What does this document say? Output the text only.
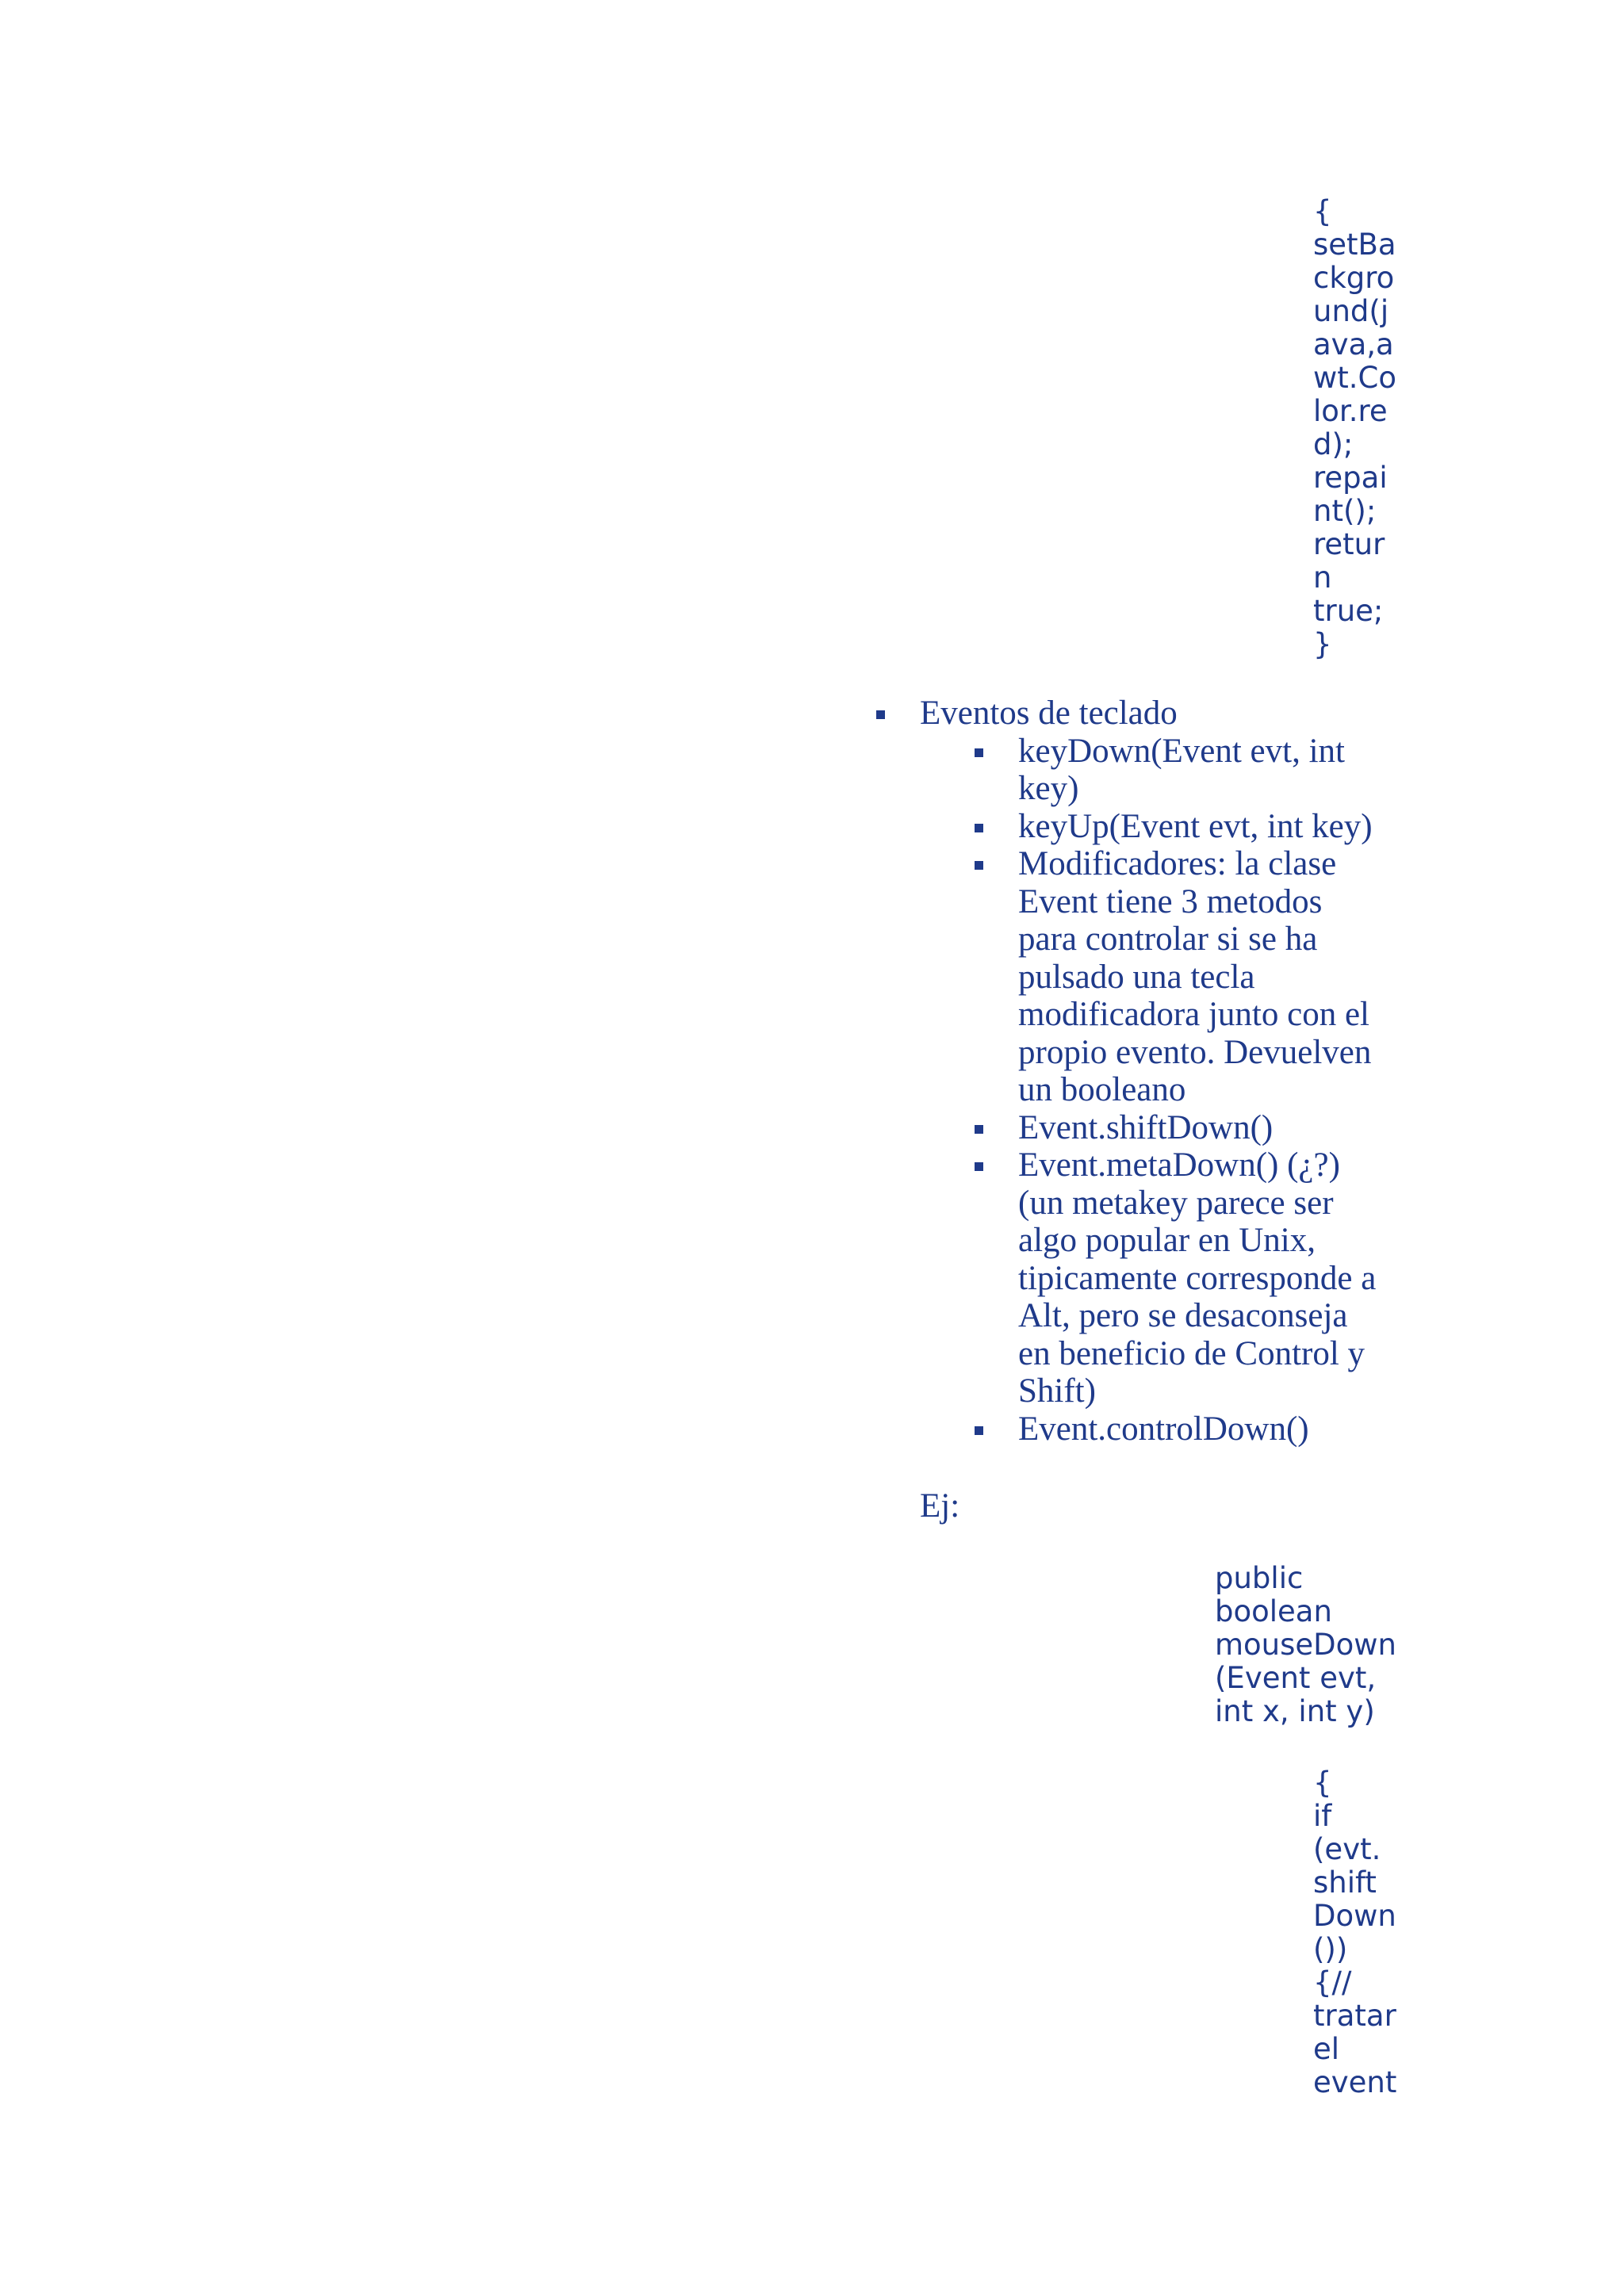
{
setBa
ckgro
und(j
ava,a
wt.Co
lor.re
d);
repai
nt();
retur
n
true;
}
Eventos de teclado
keyDown(Event evt, int key)
keyUp(Event evt, int key)
Modificadores: la clase Event tiene 3 metodos para controlar si se ha pulsado una tecla modificadora junto con el propio evento. Devuelven un booleano
Event.shiftDown()
Event.metaDown() (¿?) (un metakey parece ser algo popular en Unix, tipicamente corresponde a Alt, pero se desaconseja en beneficio de Control y Shift)
Event.controlDown()
Ej:
public
boolean
mouseDown
(Event evt,
int x, int y)
{
if
(evt.
shift
Down
())
{//
tratar
el
event
